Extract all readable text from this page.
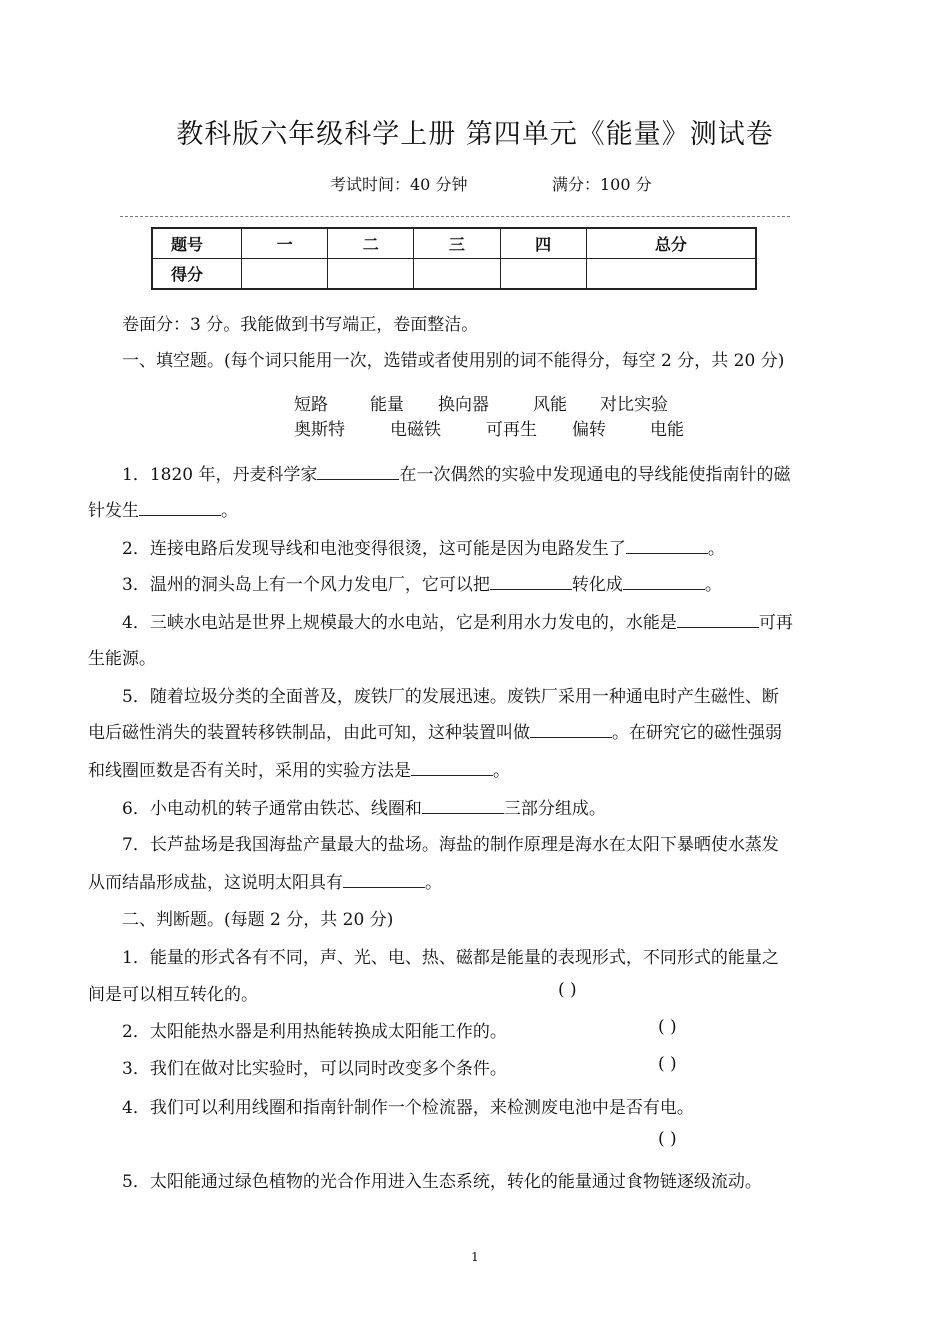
教科版六年级科学上册 第四单元《能量》测试卷
考试时间：40 分钟	满分：100 分
题号	一	二	三	四	总分
得分					
卷面分：3 分。我能做到书写端正，卷面整洁。
一、填空题。(每个词只能用一次，选错或者使用别的词不能得分，每空 2 分，共 20 分)
短路 能量 换向器	风能 对比实验
奥斯特	电磁铁	可再生 偏转	电能
1．1820 年，丹麦科学家	在一次偶然的实验中发现通电的导线能使指南针的磁
针发生	。
2．连接电路后发现导线和电池变得很烫，这可能是因为电路发生了	。
3．温州的洞头岛上有一个风力发电厂，它可以把	转化成	。
4．三峡水电站是世界上规模最大的水电站，它是利用水力发电的，水能是	可再
生能源。
5．随着垃圾分类的全面普及，废铁厂的发展迅速。废铁厂采用一种通电时产生磁性、断
电后磁性消失的装置转移铁制品，由此可知，这种装置叫做	。在研究它的磁性强弱
和线圈匝数是否有关时，采用的实验方法是	。
6．小电动机的转子通常由铁芯、线圈和	三部分组成。
7．长芦盐场是我国海盐产量最大的盐场。海盐的制作原理是海水在太阳下暴晒使水蒸发
从而结晶形成盐，这说明太阳具有	。
二、判断题。(每题 2 分，共 20 分)
1．能量的形式各有不同，声、光、电、热、磁都是能量的表现形式，不同形式的能量之
间是可以相互转化的。	( )
2．太阳能热水器是利用热能转换成太阳能工作的。	( )
3．我们在做对比实验时，可以同时改变多个条件。	( )
4．我们可以利用线圈和指南针制作一个检流器，来检测废电池中是否有电。
( )
5．太阳能通过绿色植物的光合作用进入生态系统，转化的能量通过食物链逐级流动。
1
